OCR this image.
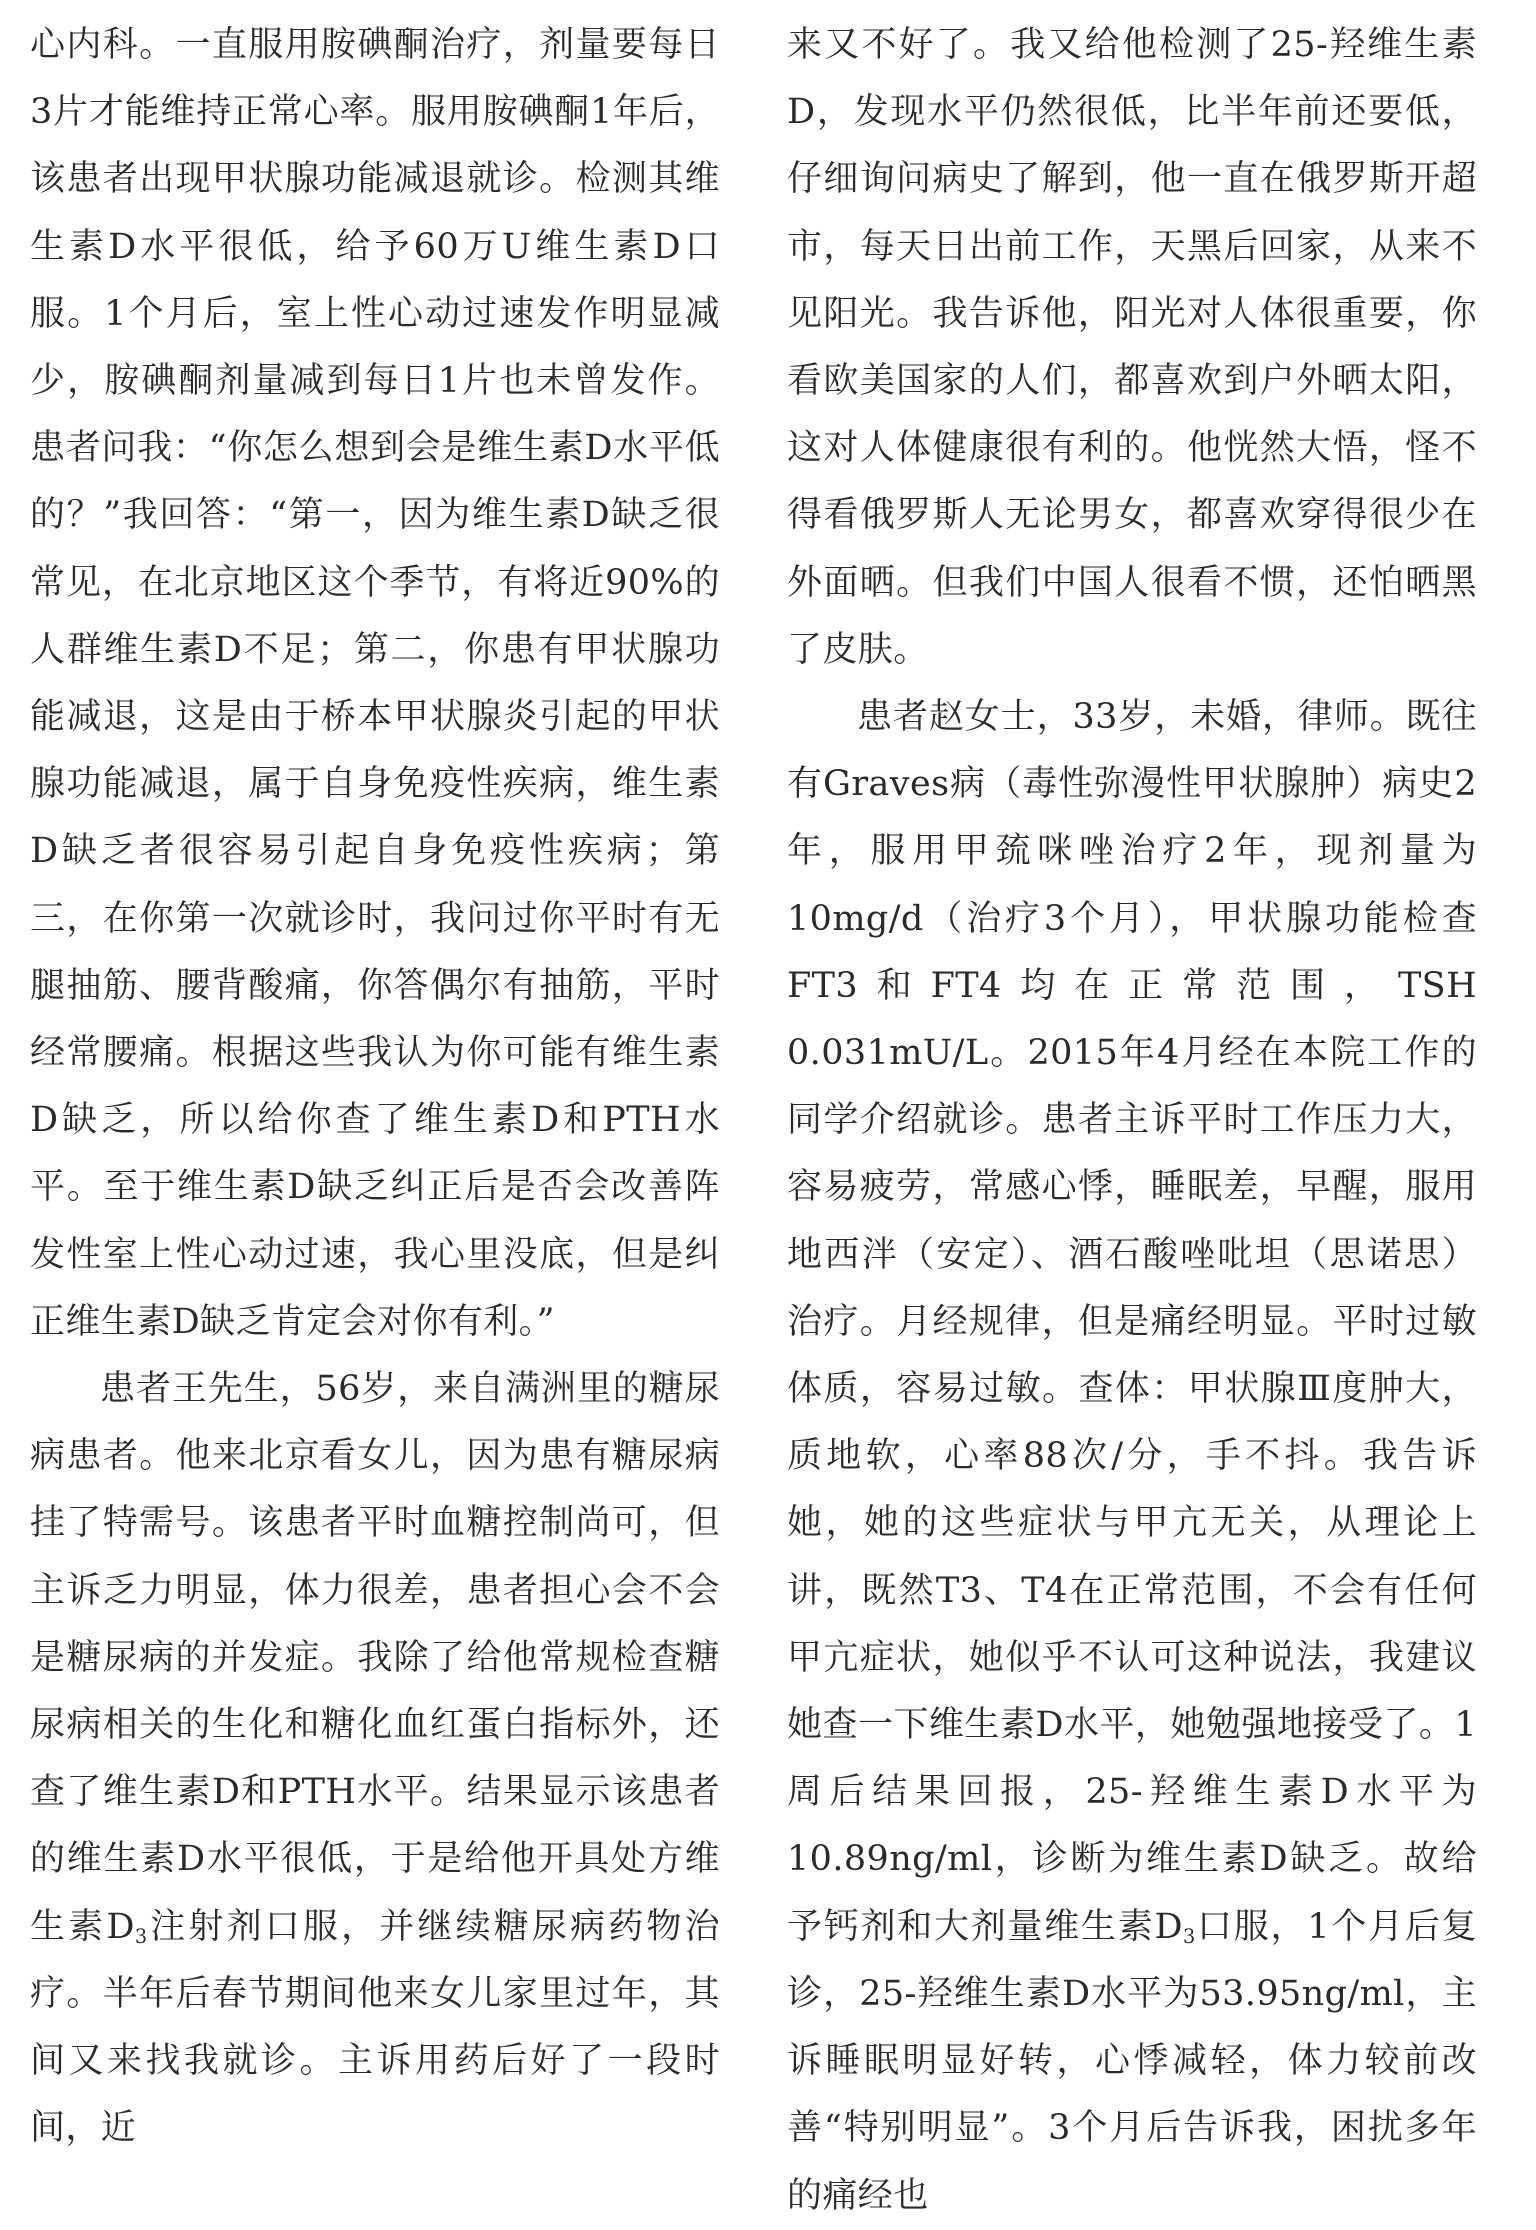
心内科。一直服用胺碘酮治疗，剂量要每日3片才能维持正常心率。服用胺碘酮1年后，该患者出现甲状腺功能减退就诊。检测其维生素D水平很低，给予60万U维生素D口服。1个月后，室上性心动过速发作明显减少，胺碘酮剂量减到每日1片也未曾发作。患者问我：“你怎么想到会是维生素D水平低的？”我回答：“第一，因为维生素D缺乏很常见，在北京地区这个季节，有将近90%的人群维生素D不足；第二，你患有甲状腺功能减退，这是由于桥本甲状腺炎引起的甲状腺功能减退，属于自身免疫性疾病，维生素D缺乏者很容易引起自身免疫性疾病；第三，在你第一次就诊时，我问过你平时有无腿抽筋、腰背酸痛，你答偶尔有抽筋，平时经常腰痛。根据这些我认为你可能有维生素D缺乏，所以给你查了维生素D和PTH水平。至于维生素D缺乏纠正后是否会改善阵发性室上性心动过速，我心里没底，但是纠正维生素D缺乏肯定会对你有利。”

患者王先生，56岁，来自满洲里的糖尿病患者。他来北京看女儿，因为患有糖尿病挂了特需号。该患者平时血糖控制尚可，但主诉乏力明显，体力很差，患者担心会不会是糖尿病的并发症。我除了给他常规检查糖尿病相关的生化和糖化血红蛋白指标外，还查了维生素D和PTH水平。结果显示该患者的维生素D水平很低，于是给他开具处方维生素$D_3$注射剂口服，并继续糖尿病药物治疗。半年后春节期间他来女儿家里过年，其间又来找我就诊。主诉用药后好了一段时间，近

来又不好了。我又给他检测了25-羟维生素D，发现水平仍然很低，比半年前还要低，仔细询问病史了解到，他一直在俄罗斯开超市，每天日出前工作，天黑后回家，从来不见阳光。我告诉他，阳光对人体很重要，你看欧美国家的人们，都喜欢到户外晒太阳，这对人体健康很有利的。他恍然大悟，怪不得看俄罗斯人无论男女，都喜欢穿得很少在外面晒。但我们中国人很看不惯，还怕晒黑了皮肤。

患者赵女士，33岁，未婚，律师。既往有Graves病（毒性弥漫性甲状腺肿）病史2年，服用甲巯咪唑治疗2年，现剂量为10mg/d（治疗3个月），甲状腺功能检查FT3和FT4均在正常范围，TSH 0.031mU/L。2015年4月经在本院工作的同学介绍就诊。患者主诉平时工作压力大，容易疲劳，常感心悸，睡眠差，早醒，服用地西泮（安定）、酒石酸唑吡坦（思诺思）治疗。月经规律，但是痛经明显。平时过敏体质，容易过敏。查体：甲状腺Ⅲ度肿大，质地软，心率88次/分，手不抖。我告诉她，她的这些症状与甲亢无关，从理论上讲，既然T3、T4在正常范围，不会有任何甲亢症状，她似乎不认可这种说法，我建议她查一下维生素D水平，她勉强地接受了。1周后结果回报，25-羟维生素D水平为10.89ng/ml，诊断为维生素D缺乏。故给予钙剂和大剂量维生素$D_3$口服，1个月后复诊，25-羟维生素D水平为53.95ng/ml，主诉睡眠明显好转，心悸减轻，体力较前改善“特别明显”。3个月后告诉我，困扰多年的痛经也
